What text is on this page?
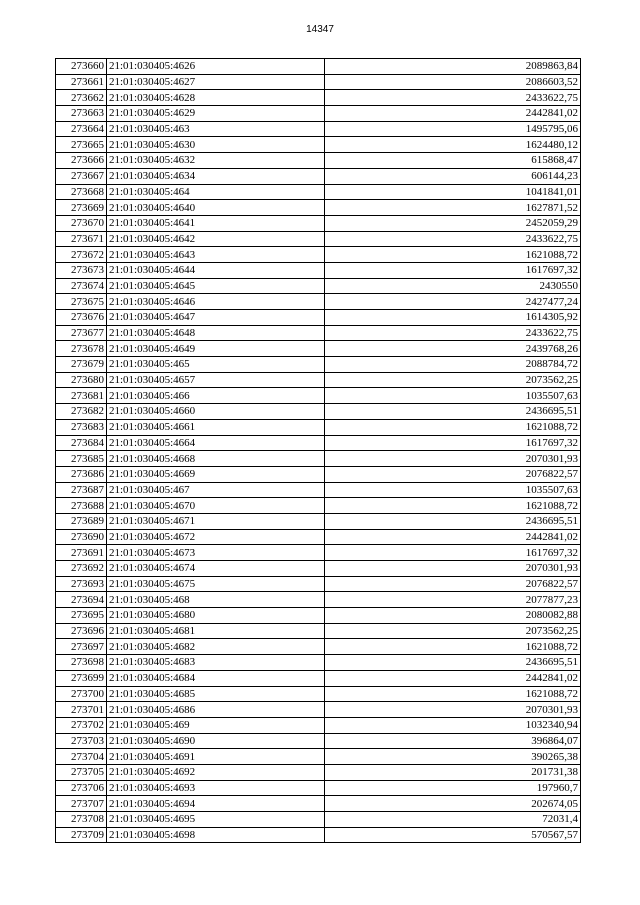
14347
273660	21:01:030405:4626	2089863,84
273661	21:01:030405:4627	2086603,52
273662	21:01:030405:4628	2433622,75
273663	21:01:030405:4629	2442841,02
273664	21:01:030405:463	1495795,06
273665	21:01:030405:4630	1624480,12
273666	21:01:030405:4632	615868,47
273667	21:01:030405:4634	606144,23
273668	21:01:030405:464	1041841,01
273669	21:01:030405:4640	1627871,52
273670	21:01:030405:4641	2452059,29
273671	21:01:030405:4642	2433622,75
273672	21:01:030405:4643	1621088,72
273673	21:01:030405:4644	1617697,32
273674	21:01:030405:4645	2430550
273675	21:01:030405:4646	2427477,24
273676	21:01:030405:4647	1614305,92
273677	21:01:030405:4648	2433622,75
273678	21:01:030405:4649	2439768,26
273679	21:01:030405:465	2088784,72
273680	21:01:030405:4657	2073562,25
273681	21:01:030405:466	1035507,63
273682	21:01:030405:4660	2436695,51
273683	21:01:030405:4661	1621088,72
273684	21:01:030405:4664	1617697,32
273685	21:01:030405:4668	2070301,93
273686	21:01:030405:4669	2076822,57
273687	21:01:030405:467	1035507,63
273688	21:01:030405:4670	1621088,72
273689	21:01:030405:4671	2436695,51
273690	21:01:030405:4672	2442841,02
273691	21:01:030405:4673	1617697,32
273692	21:01:030405:4674	2070301,93
273693	21:01:030405:4675	2076822,57
273694	21:01:030405:468	2077877,23
273695	21:01:030405:4680	2080082,88
273696	21:01:030405:4681	2073562,25
273697	21:01:030405:4682	1621088,72
273698	21:01:030405:4683	2436695,51
273699	21:01:030405:4684	2442841,02
273700	21:01:030405:4685	1621088,72
273701	21:01:030405:4686	2070301,93
273702	21:01:030405:469	1032340,94
273703	21:01:030405:4690	396864,07
273704	21:01:030405:4691	390265,38
273705	21:01:030405:4692	201731,38
273706	21:01:030405:4693	197960,7
273707	21:01:030405:4694	202674,05
273708	21:01:030405:4695	72031,4
273709	21:01:030405:4698	570567,57
